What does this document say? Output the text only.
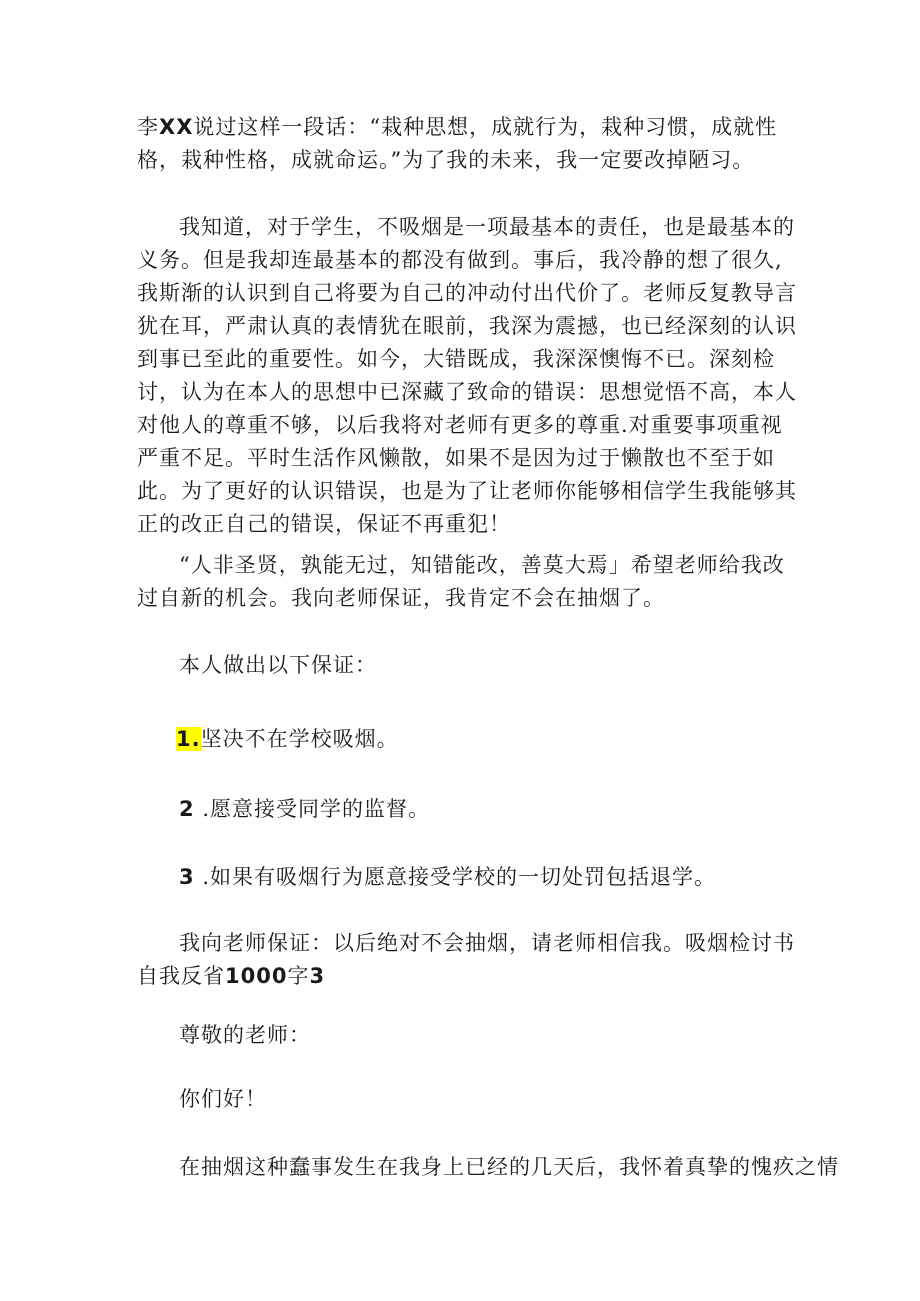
李XX说过这样一段话：“栽种思想，成就行为，栽种习惯，成就性格，栽种性格，成就命运。”为了我的未来，我一定要改掉陋习。

我知道，对于学生，不吸烟是一项最基本的责任，也是最基本的义务。但是我却连最基本的都没有做到。事后，我冷静的想了很久,我斯渐的认识到自己将要为自己的冲动付出代价了。老师反复教导言犹在耳，严肃认真的表情犹在眼前，我深为震撼，也已经深刻的认识到事已至此的重要性。如今，大错既成，我深深懊悔不已。深刻检讨，认为在本人的思想中已深藏了致命的错误：思想觉悟不高，本人对他人的尊重不够，以后我将对老师有更多的尊重.对重要事项重视严重不足。平时生活作风懒散，如果不是因为过于懒散也不至于如此。为了更好的认识错误，也是为了让老师你能够相信学生我能够其正的改正自己的错误，保证不再重犯！

“人非圣贤，孰能无过，知错能改，善莫大焉」希望老师给我改过自新的机会。我向老师保证，我肯定不会在抽烟了。

本人做出以下保证：

1.坚决不在学校吸烟。

2 .愿意接受同学的监督。

3 .如果有吸烟行为愿意接受学校的一切处罚包括退学。

我向老师保证：以后绝对不会抽烟，请老师相信我。吸烟检讨书自我反省1000字3

尊敬的老师：

你们好！

在抽烟这种蠢事发生在我身上已经的几天后，我怀着真挚的愧疚之情
